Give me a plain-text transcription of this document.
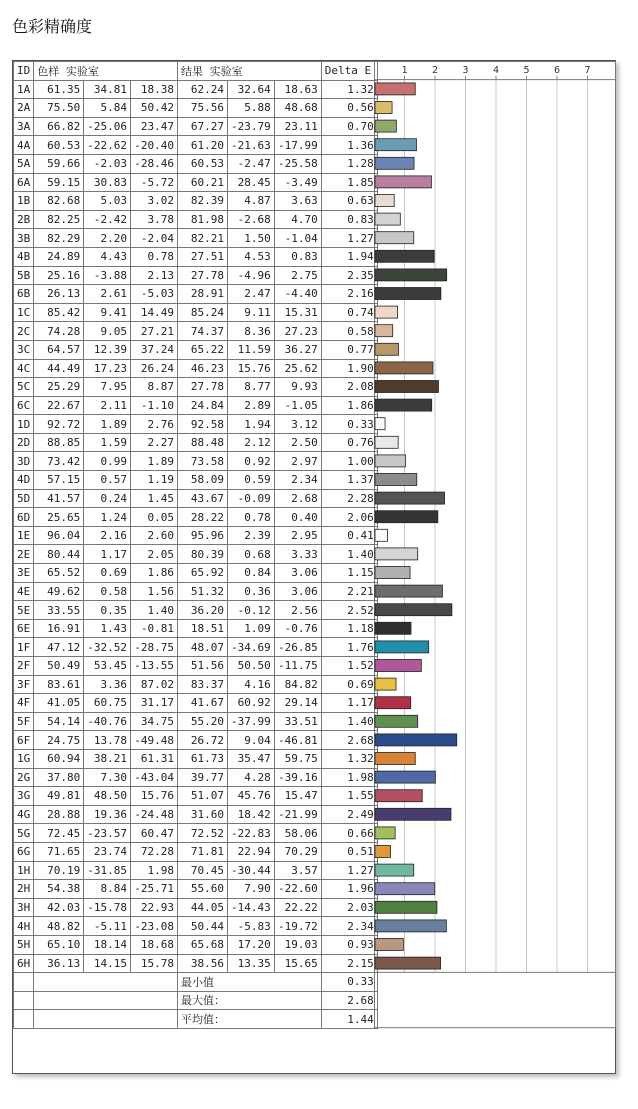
色彩精确度
ID	色样 实验室			结果 实验室			Delta E
1A	61.35	34.81	18.38	62.24	32.64	18.63	1.32
2A	75.50	5.84	50.42	75.56	5.88	48.68	0.56
3A	66.82	-25.06	23.47	67.27	-23.79	23.11	0.70
4A	60.53	-22.62	-20.40	61.20	-21.63	-17.99	1.36
5A	59.66	-2.03	-28.46	60.53	-2.47	-25.58	1.28
6A	59.15	30.83	-5.72	60.21	28.45	-3.49	1.85
1B	82.68	5.03	3.02	82.39	4.87	3.63	0.63
2B	82.25	-2.42	3.78	81.98	-2.68	4.70	0.83
3B	82.29	2.20	-2.04	82.21	1.50	-1.04	1.27
4B	24.89	4.43	0.78	27.51	4.53	0.83	1.94
5B	25.16	-3.88	2.13	27.78	-4.96	2.75	2.35
6B	26.13	2.61	-5.03	28.91	2.47	-4.40	2.16
1C	85.42	9.41	14.49	85.24	9.11	15.31	0.74
2C	74.28	9.05	27.21	74.37	8.36	27.23	0.58
3C	64.57	12.39	37.24	65.22	11.59	36.27	0.77
4C	44.49	17.23	26.24	46.23	15.76	25.62	1.90
5C	25.29	7.95	8.87	27.78	8.77	9.93	2.08
6C	22.67	2.11	-1.10	24.84	2.89	-1.05	1.86
1D	92.72	1.89	2.76	92.58	1.94	3.12	0.33
2D	88.85	1.59	2.27	88.48	2.12	2.50	0.76
3D	73.42	0.99	1.89	73.58	0.92	2.97	1.00
4D	57.15	0.57	1.19	58.09	0.59	2.34	1.37
5D	41.57	0.24	1.45	43.67	-0.09	2.68	2.28
6D	25.65	1.24	0.05	28.22	0.78	0.40	2.06
1E	96.04	2.16	2.60	95.96	2.39	2.95	0.41
2E	80.44	1.17	2.05	80.39	0.68	3.33	1.40
3E	65.52	0.69	1.86	65.92	0.84	3.06	1.15
4E	49.62	0.58	1.56	51.32	0.36	3.06	2.21
5E	33.55	0.35	1.40	36.20	-0.12	2.56	2.52
6E	16.91	1.43	-0.81	18.51	1.09	-0.76	1.18
1F	47.12	-32.52	-28.75	48.07	-34.69	-26.85	1.76
2F	50.49	53.45	-13.55	51.56	50.50	-11.75	1.52
3F	83.61	3.36	87.02	83.37	4.16	84.82	0.69
4F	41.05	60.75	31.17	41.67	60.92	29.14	1.17
5F	54.14	-40.76	34.75	55.20	-37.99	33.51	1.40
6F	24.75	13.78	-49.48	26.72	9.04	-46.81	2.68
1G	60.94	38.21	61.31	61.73	35.47	59.75	1.32
2G	37.80	7.30	-43.04	39.77	4.28	-39.16	1.98
3G	49.81	48.50	15.76	51.07	45.76	15.47	1.55
4G	28.88	19.36	-24.48	31.60	18.42	-21.99	2.49
5G	72.45	-23.57	60.47	72.52	-22.83	58.06	0.66
6G	71.65	23.74	72.28	71.81	22.94	70.29	0.51
1H	70.19	-31.85	1.98	70.45	-30.44	3.57	1.27
2H	54.38	8.84	-25.71	55.60	7.90	-22.60	1.96
3H	42.03	-15.78	22.93	44.05	-14.43	22.22	2.03
4H	48.82	-5.11	-23.08	50.44	-5.83	-19.72	2.34
5H	65.10	18.14	18.68	65.68	17.20	19.03	0.93
6H	36.13	14.15	15.78	38.56	13.35	15.65	2.15
				最小值			0.33
				最大值：			2.68
				平均值：			1.44
1 2 3 4 5 6 7
